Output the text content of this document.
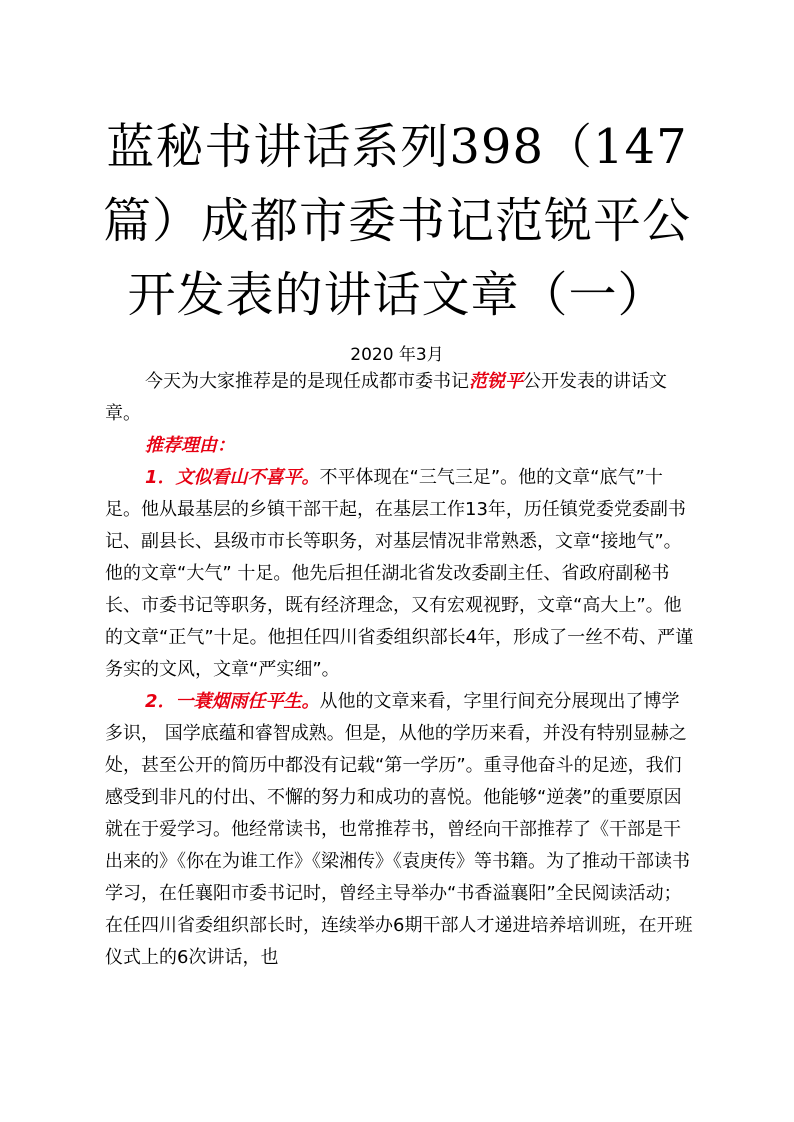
蓝秘书讲话系列398（147篇）成都市委书记范锐平公开发表的讲话文章（一）
2020 年3月

今天为大家推荐是的是现任成都市委书记范锐平公开发表的讲话文章。

推荐理由：

1．文似看山不喜平。不平体现在“三气三足”。他的文章“底气”十足。他从最基层的乡镇干部干起，在基层工作13年，历任镇党委党委副书记、副县长、县级市市长等职务，对基层情况非常熟悉，文章“接地气”。他的文章“大气” 十足。他先后担任湖北省发改委副主任、省政府副秘书长、市委书记等职务，既有经济理念，又有宏观视野，文章“高大上”。他的文章“正气”十足。他担任四川省委组织部长4年，形成了一丝不苟、严谨务实的文风，文章“严实细”。

2．一蓑烟雨任平生。从他的文章来看，字里行间充分展现出了博学多识， 国学底蕴和睿智成熟。但是，从他的学历来看，并没有特别显赫之处，甚至公开的简历中都没有记载“第一学历”。重寻他奋斗的足迹，我们感受到非凡的付出、不懈的努力和成功的喜悦。他能够“逆袭”的重要原因就在于爱学习。他经常读书，也常推荐书，曾经向干部推荐了《干部是干出来的》《你在为谁工作》《梁湘传》《袁庚传》等书籍。为了推动干部读书学习，在任襄阳市委书记时，曾经主导举办“书香溢襄阳”全民阅读活动；在任四川省委组织部长时，连续举办6期干部人才递进培养培训班，在开班仪式上的6次讲话，也
